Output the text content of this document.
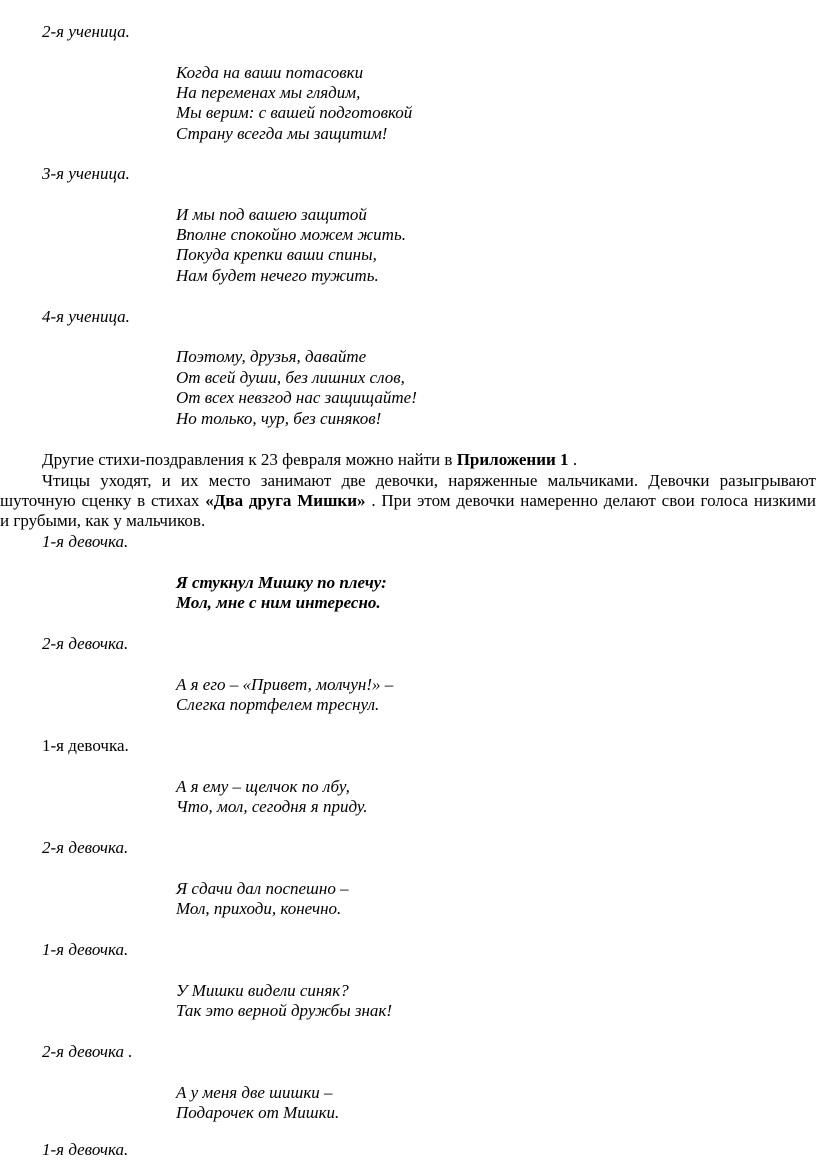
2-я ученица.
Когда на ваши потасовки
На переменах мы глядим,
Мы верим: с вашей подготовкой
Страну всегда мы защитим!
3-я ученица.
И мы под вашею защитой
Вполне спокойно можем жить.
Покуда крепки ваши спины,
Нам будет нечего тужить.
4-я ученица.
Поэтому, друзья, давайте
От всей души, без лишних слов,
От всех невзгод нас защищайте!
Но только, чур, без синяков!
Другие стихи-поздравления к 23 февраля можно найти в Приложении 1 .
Чтицы уходят, и их место занимают две девочки, наряженные мальчиками. Девочки разыгрывают
шуточную сценку в стихах «Два друга Мишки» . При этом девочки намеренно делают свои голоса низкими
и грубыми, как у мальчиков.
1-я девочка.
Я стукнул Мишку по плечу:
Мол, мне с ним интересно.
2-я девочка.
А я его – «Привет, молчун!» –
Слегка портфелем треснул.
1-я девочка.
А я ему – щелчок по лбу,
Что, мол, сегодня я приду.
2-я девочка.
Я сдачи дал поспешно –
Мол, приходи, конечно.
1-я девочка.
У Мишки видели синяк?
Так это верной дружбы знак!
2-я девочка .
А у меня две шишки –
Подарочек от Мишки.
1-я девочка.
